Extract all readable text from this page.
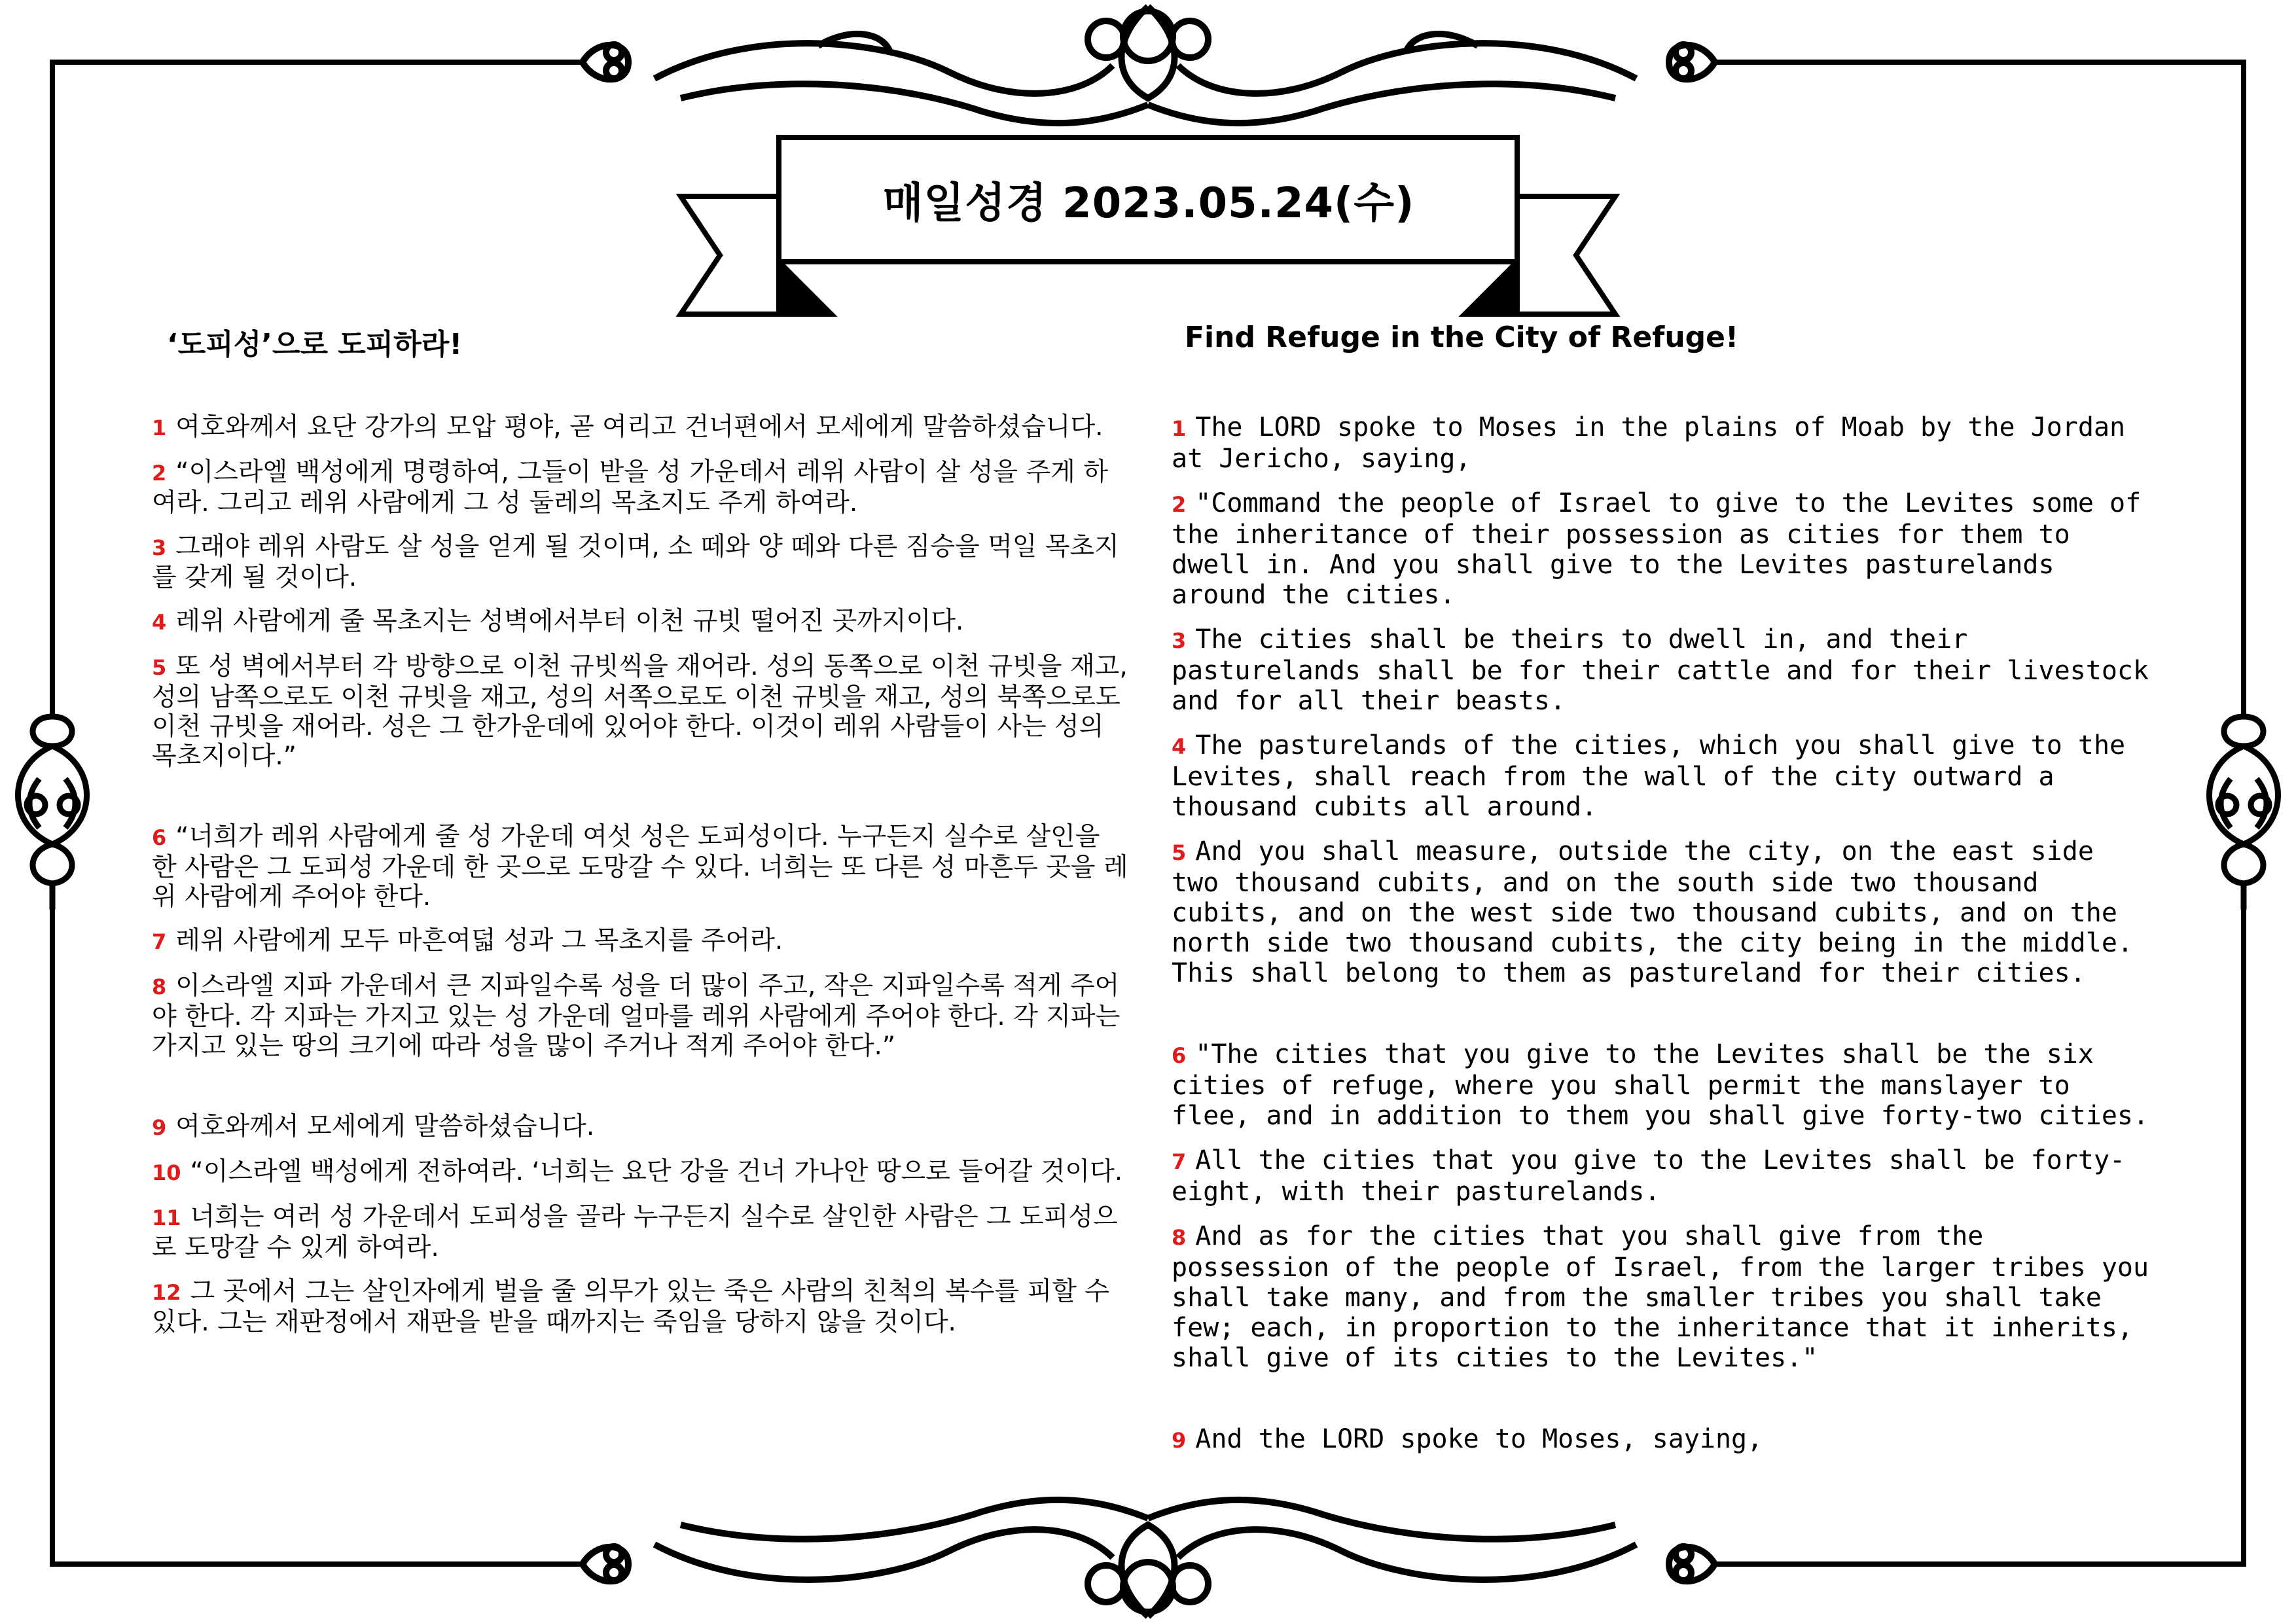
매일성경 2023.05.24(수)
‘도피성’으로 도피하라!	Find Refuge in the City of Refuge!

1 여호와께서 요단 강가의 모압 평야, 곧 여리고 건너편에서 모세에게 말씀하셨습니다.

2 “이스라엘 백성에게 명령하여, 그들이 받을 성 가운데서 레위 사람이 살 성을 주게 하여라. 그리고 레위 사람에게 그 성 둘레의 목초지도 주게 하여라.

3 그래야 레위 사람도 살 성을 얻게 될 것이며, 소 떼와 양 떼와 다른 짐승을 먹일 목초지를 갖게 될 것이다.

4 레위 사람에게 줄 목초지는 성벽에서부터 이천 규빗 떨어진 곳까지이다.

5 또 성 벽에서부터 각 방향으로 이천 규빗씩을 재어라. 성의 동쪽으로 이천 규빗을 재고, 성의 남쪽으로도 이천 규빗을 재고, 성의 서쪽으로도 이천 규빗을 재고, 성의 북쪽으로도 이천 규빗을 재어라. 성은 그 한가운데에 있어야 한다. 이것이 레위 사람들이 사는 성의 목초지이다.”

6 “너희가 레위 사람에게 줄 성 가운데 여섯 성은 도피성이다. 누구든지 실수로 살인을 한 사람은 그 도피성 가운데 한 곳으로 도망갈 수 있다. 너희는 또 다른 성 마흔두 곳을 레위 사람에게 주어야 한다.

7 레위 사람에게 모두 마흔여덟 성과 그 목초지를 주어라.

8 이스라엘 지파 가운데서 큰 지파일수록 성을 더 많이 주고, 작은 지파일수록 적게 주어야 한다. 각 지파는 가지고 있는 성 가운데 얼마를 레위 사람에게 주어야 한다. 각 지파는 가지고 있는 땅의 크기에 따라 성을 많이 주거나 적게 주어야 한다.”

9 여호와께서 모세에게 말씀하셨습니다.

10 “이스라엘 백성에게 전하여라. ‘너희는 요단 강을 건너 가나안 땅으로 들어갈 것이다.

11 너희는 여러 성 가운데서 도피성을 골라 누구든지 실수로 살인한 사람은 그 도피성으로 도망갈 수 있게 하여라.

12 그 곳에서 그는 살인자에게 벌을 줄 의무가 있는 죽은 사람의 친척의 복수를 피할 수 있다. 그는 재판정에서 재판을 받을 때까지는 죽임을 당하지 않을 것이다.

1 The LORD spoke to Moses in the plains of Moab by the Jordan at Jericho, saying,

2 "Command the people of Israel to give to the Levites some of the inheritance of their possession as cities for them to dwell in. And you shall give to the Levites pasturelands around the cities.

3 The cities shall be theirs to dwell in, and their pasturelands shall be for their cattle and for their livestock and for all their beasts.

4 The pasturelands of the cities, which you shall give to the Levites, shall reach from the wall of the city outward a thousand cubits all around.

5 And you shall measure, outside the city, on the east side two thousand cubits, and on the south side two thousand cubits, and on the west side two thousand cubits, and on the north side two thousand cubits, the city being in the middle. This shall belong to them as pastureland for their cities.

6 "The cities that you give to the Levites shall be the six cities of refuge, where you shall permit the manslayer to flee, and in addition to them you shall give forty-two cities.

7 All the cities that you give to the Levites shall be forty-eight, with their pasturelands.

8 And as for the cities that you shall give from the possession of the people of Israel, from the larger tribes you shall take many, and from the smaller tribes you shall take few; each, in proportion to the inheritance that it inherits, shall give of its cities to the Levites."

9 And the LORD spoke to Moses, saying,
